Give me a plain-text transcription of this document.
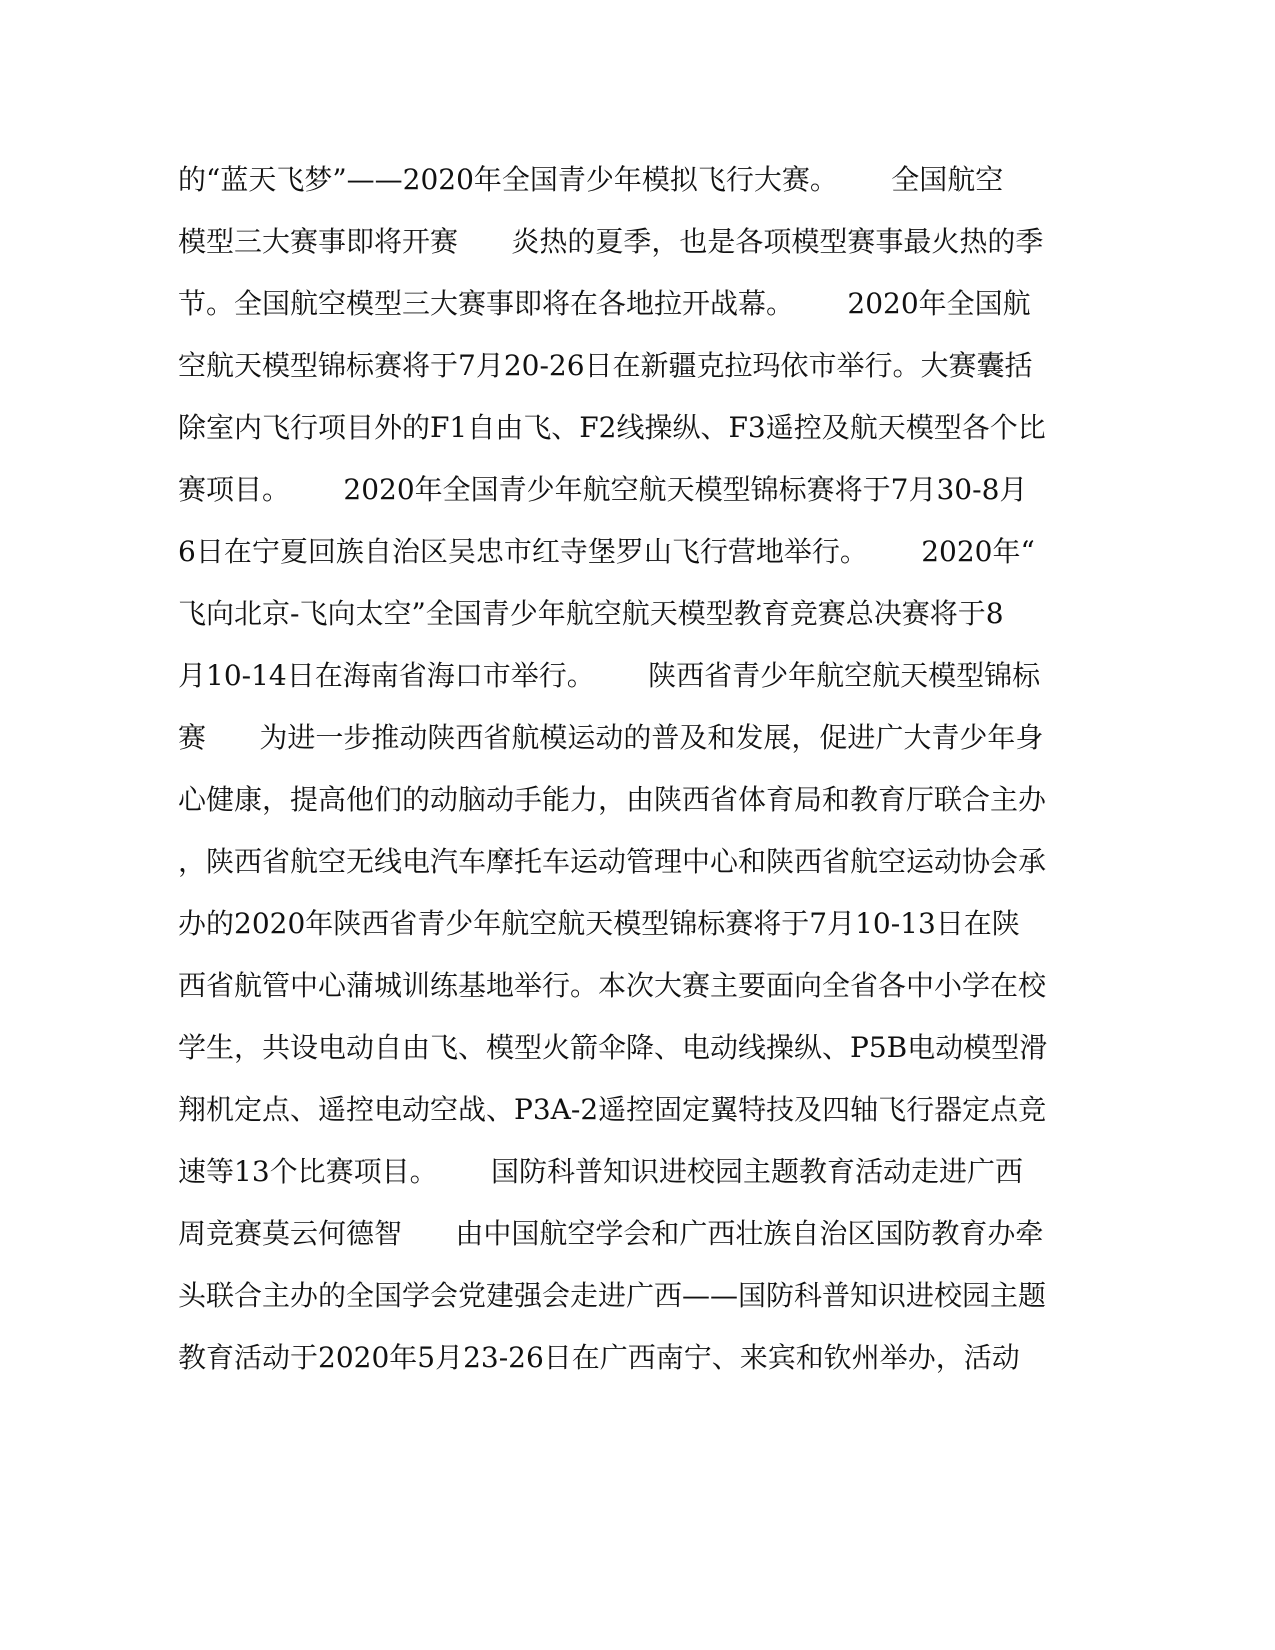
的“蓝天飞梦”——2020年全国青少年模拟飞行大赛。      全国航空
模型三大赛事即将开赛      炎热的夏季，也是各项模型赛事最火热的季
节。全国航空模型三大赛事即将在各地拉开战幕。      2020年全国航
空航天模型锦标赛将于7月20-26日在新疆克拉玛依市举行。大赛囊括
除室内飞行项目外的F1自由飞、F2线操纵、F3遥控及航天模型各个比
赛项目。      2020年全国青少年航空航天模型锦标赛将于7月30-8月
6日在宁夏回族自治区吴忠市红寺堡罗山飞行营地举行。      2020年“
飞向北京-飞向太空”全国青少年航空航天模型教育竞赛总决赛将于8
月10-14日在海南省海口市举行。      陕西省青少年航空航天模型锦标
赛      为进一步推动陕西省航模运动的普及和发展，促进广大青少年身
心健康，提高他们的动脑动手能力，由陕西省体育局和教育厅联合主办
，陕西省航空无线电汽车摩托车运动管理中心和陕西省航空运动协会承
办的2020年陕西省青少年航空航天模型锦标赛将于7月10-13日在陕
西省航管中心蒲城训练基地举行。本次大赛主要面向全省各中小学在校
学生，共设电动自由飞、模型火箭伞降、电动线操纵、P5B电动模型滑
翔机定点、遥控电动空战、P3A-2遥控固定翼特技及四轴飞行器定点竞
速等13个比赛项目。      国防科普知识进校园主题教育活动走进广西
周竞赛莫云何德智      由中国航空学会和广西壮族自治区国防教育办牵
头联合主办的全国学会党建强会走进广西——国防科普知识进校园主题
教育活动于2020年5月23-26日在广西南宁、来宾和钦州举办，活动
